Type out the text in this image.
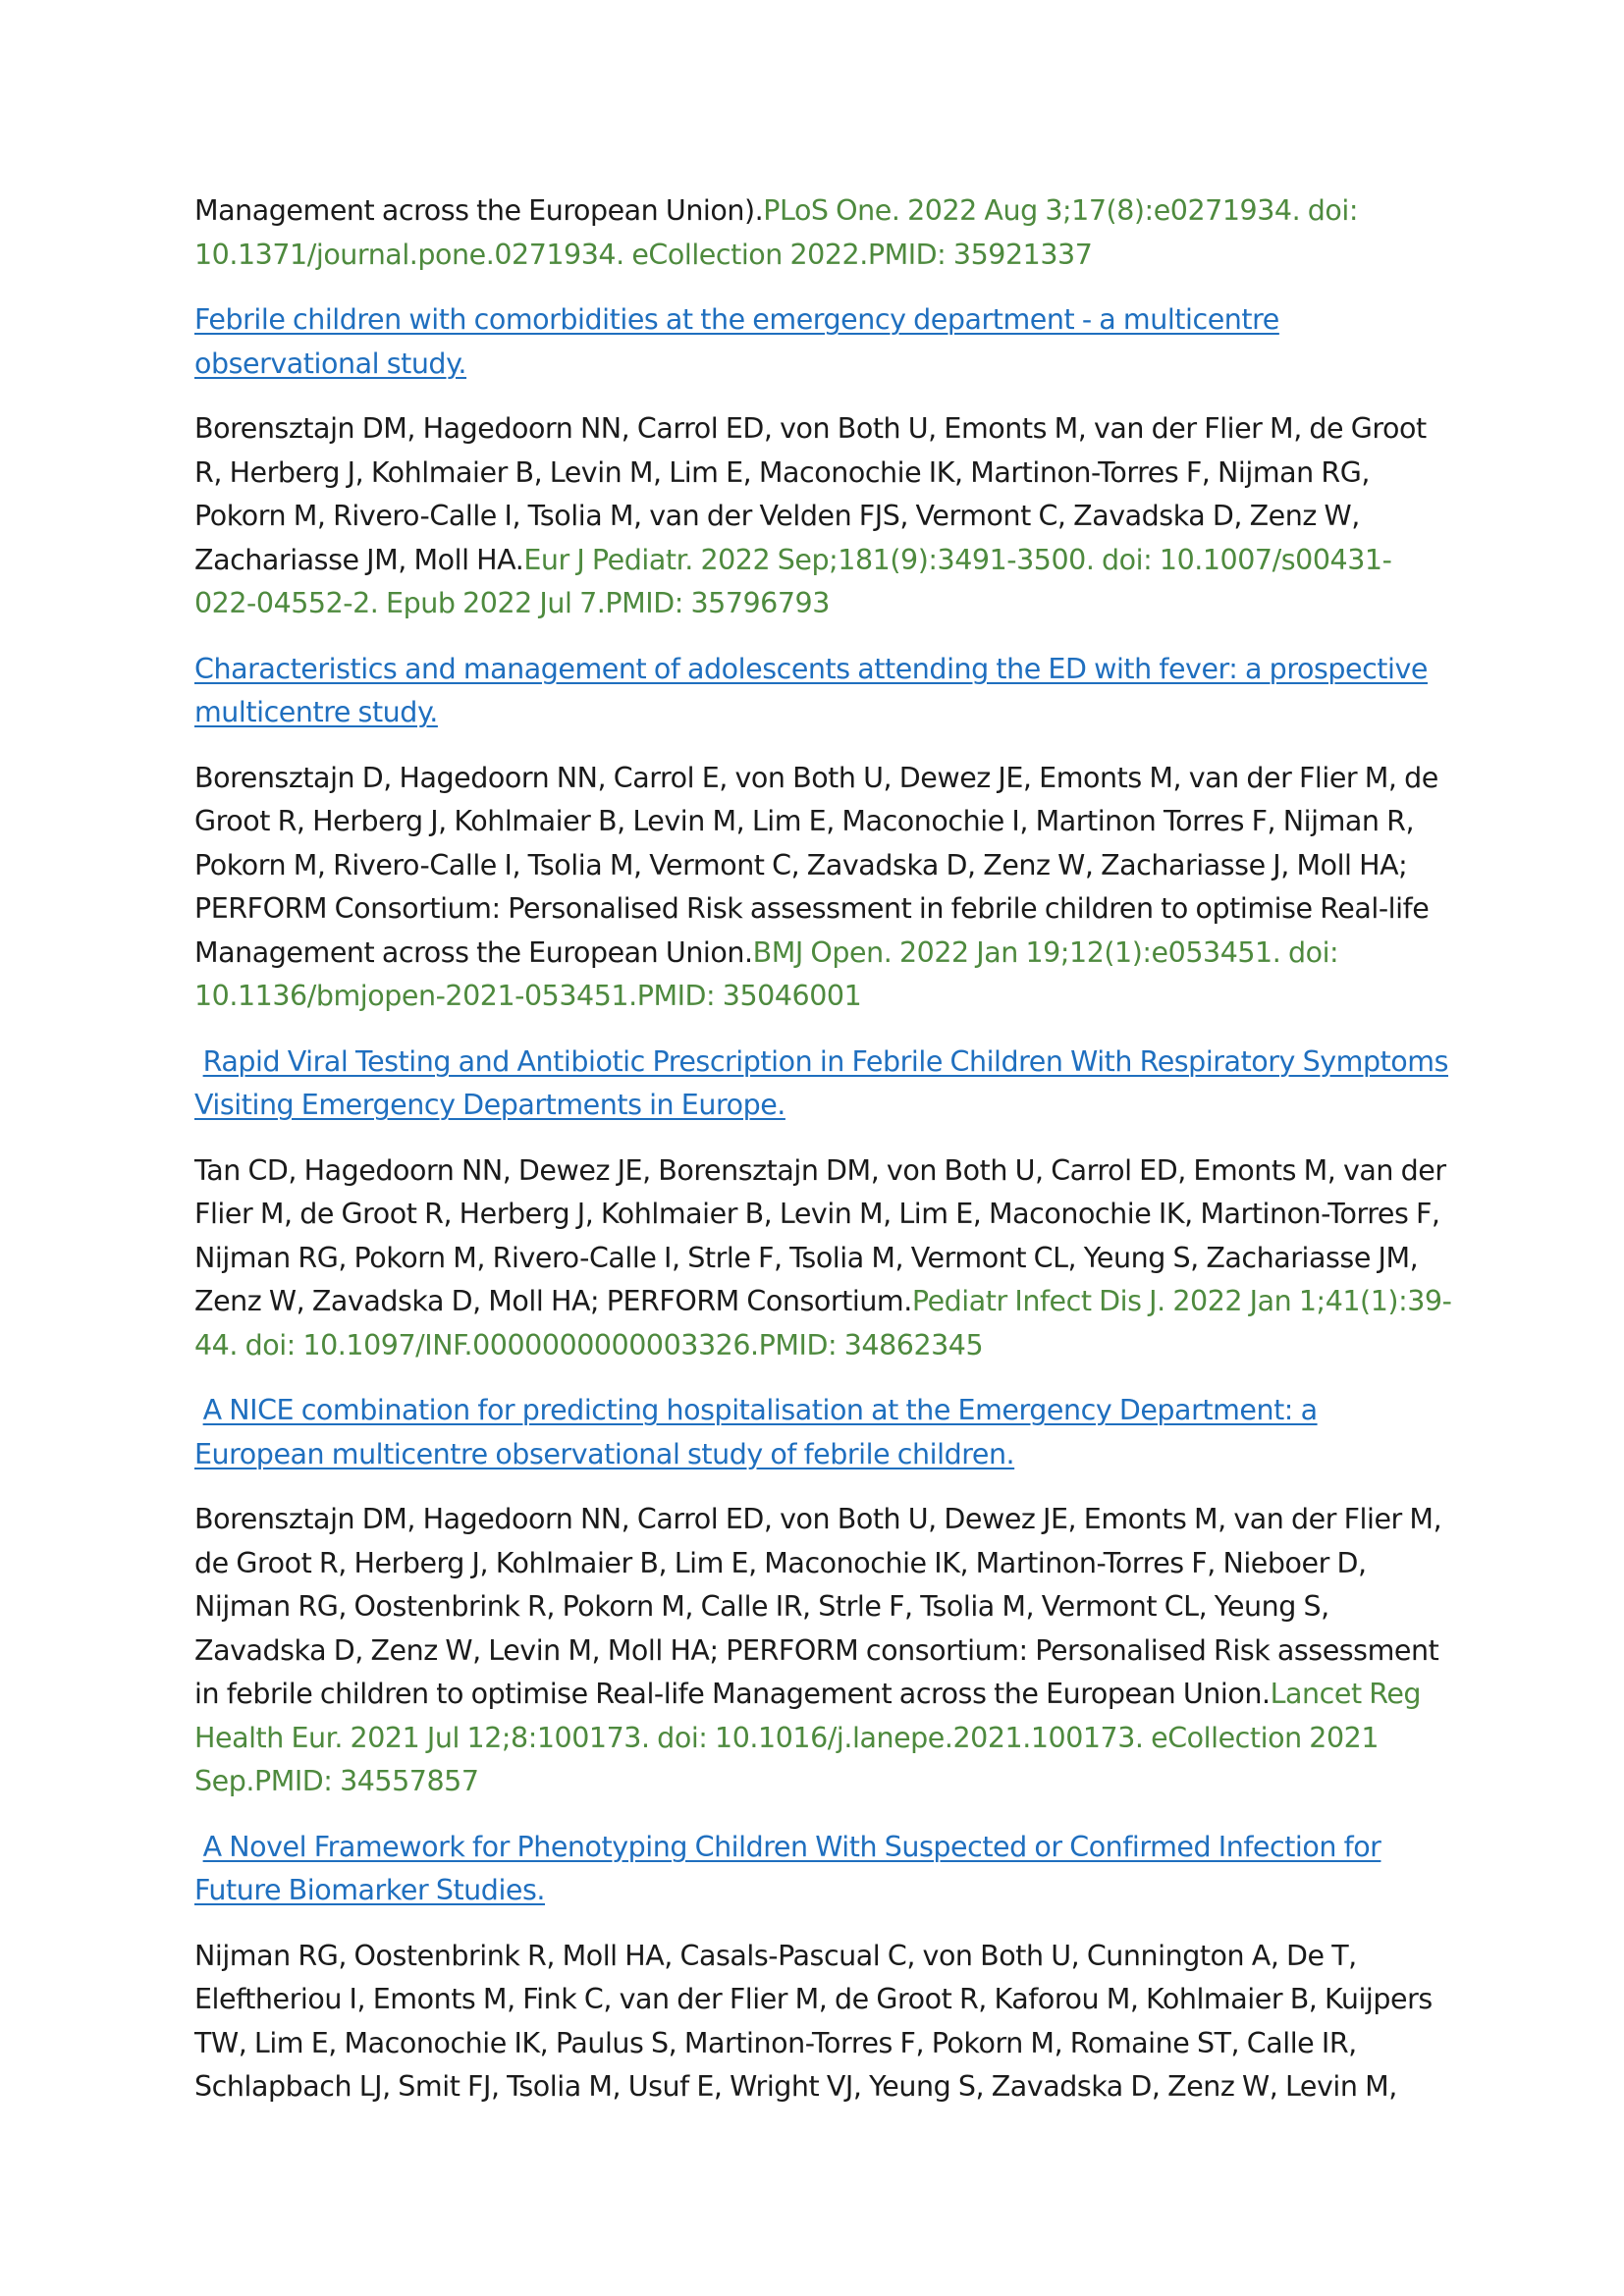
Management across the European Union).PLoS One. 2022 Aug 3;17(8):e0271934. doi: 10.1371/journal.pone.0271934. eCollection 2022.PMID: 35921337

Febrile children with comorbidities at the emergency department - a multicentre observational study.

Borensztajn DM, Hagedoorn NN, Carrol ED, von Both U, Emonts M, van der Flier M, de Groot R, Herberg J, Kohlmaier B, Levin M, Lim E, Maconochie IK, Martinon-Torres F, Nijman RG, Pokorn M, Rivero-Calle I, Tsolia M, van der Velden FJS, Vermont C, Zavadska D, Zenz W, Zachariasse JM, Moll HA.Eur J Pediatr. 2022 Sep;181(9):3491-3500. doi: 10.1007/s00431-022-04552-2. Epub 2022 Jul 7.PMID: 35796793

Characteristics and management of adolescents attending the ED with fever: a prospective multicentre study.

Borensztajn D, Hagedoorn NN, Carrol E, von Both U, Dewez JE, Emonts M, van der Flier M, de Groot R, Herberg J, Kohlmaier B, Levin M, Lim E, Maconochie I, Martinon Torres F, Nijman R, Pokorn M, Rivero-Calle I, Tsolia M, Vermont C, Zavadska D, Zenz W, Zachariasse J, Moll HA; PERFORM Consortium: Personalised Risk assessment in febrile children to optimise Real-life Management across the European Union.BMJ Open. 2022 Jan 19;12(1):e053451. doi: 10.1136/bmjopen-2021-053451.PMID: 35046001

Rapid Viral Testing and Antibiotic Prescription in Febrile Children With Respiratory Symptoms Visiting Emergency Departments in Europe.

Tan CD, Hagedoorn NN, Dewez JE, Borensztajn DM, von Both U, Carrol ED, Emonts M, van der Flier M, de Groot R, Herberg J, Kohlmaier B, Levin M, Lim E, Maconochie IK, Martinon-Torres F, Nijman RG, Pokorn M, Rivero-Calle I, Strle F, Tsolia M, Vermont CL, Yeung S, Zachariasse JM, Zenz W, Zavadska D, Moll HA; PERFORM Consortium.Pediatr Infect Dis J. 2022 Jan 1;41(1):39-44. doi: 10.1097/INF.0000000000003326.PMID: 34862345

A NICE combination for predicting hospitalisation at the Emergency Department: a European multicentre observational study of febrile children.

Borensztajn DM, Hagedoorn NN, Carrol ED, von Both U, Dewez JE, Emonts M, van der Flier M, de Groot R, Herberg J, Kohlmaier B, Lim E, Maconochie IK, Martinon-Torres F, Nieboer D, Nijman RG, Oostenbrink R, Pokorn M, Calle IR, Strle F, Tsolia M, Vermont CL, Yeung S, Zavadska D, Zenz W, Levin M, Moll HA; PERFORM consortium: Personalised Risk assessment in febrile children to optimise Real-life Management across the European Union.Lancet Reg Health Eur. 2021 Jul 12;8:100173. doi: 10.1016/j.lanepe.2021.100173. eCollection 2021 Sep.PMID: 34557857

A Novel Framework for Phenotyping Children With Suspected or Confirmed Infection for Future Biomarker Studies.

Nijman RG, Oostenbrink R, Moll HA, Casals-Pascual C, von Both U, Cunnington A, De T, Eleftheriou I, Emonts M, Fink C, van der Flier M, de Groot R, Kaforou M, Kohlmaier B, Kuijpers TW, Lim E, Maconochie IK, Paulus S, Martinon-Torres F, Pokorn M, Romaine ST, Calle IR, Schlapbach LJ, Smit FJ, Tsolia M, Usuf E, Wright VJ, Yeung S, Zavadska D, Zenz W, Levin M,
